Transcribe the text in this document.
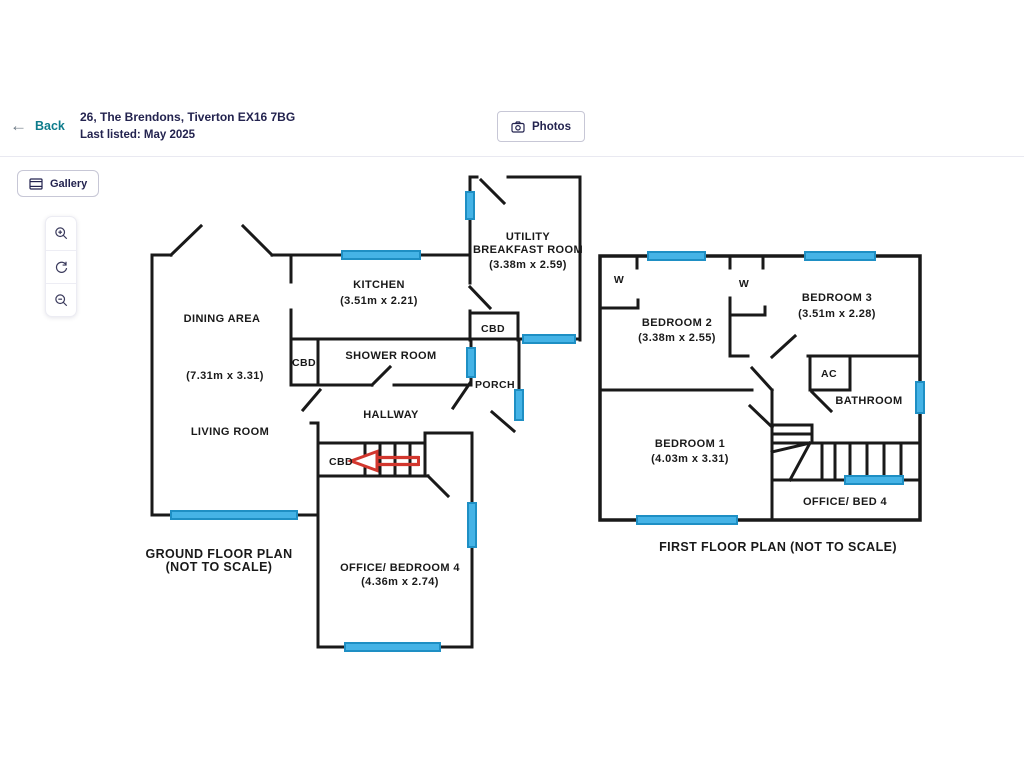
← Back
26, The Brendons, Tiverton EX16 7BG
Last listed: May 2025
Photos
Gallery
UTILITY
BREAKFAST ROOM
(3.38m x 2.59)
KITCHEN
(3.51m x 2.21)
DINING AREA
(7.31m x 3.31)
SHOWER ROOM
CBD
CBD
PORCH
HALLWAY
LIVING ROOM
CBD
OFFICE/ BEDROOM 4
(4.36m x 2.74)
GROUND FLOOR PLAN
(NOT TO SCALE)
W	W
BEDROOM 2
(3.38m x 2.55)
BEDROOM 3
(3.51m x 2.28)
AC
BATHROOM
BEDROOM 1
(4.03m x 3.31)
OFFICE/ BED 4
FIRST FLOOR PLAN (NOT TO SCALE)
